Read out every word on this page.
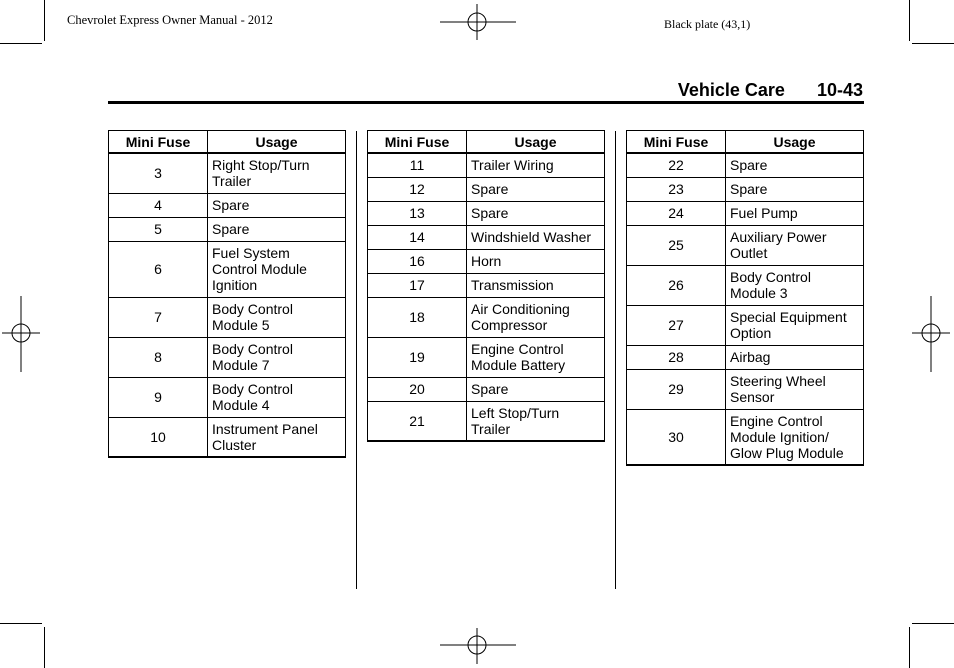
Chevrolet Express Owner Manual - 2012	Black plate (43,1)
Vehicle Care 10-43
Mini Fuse	Usage
3	Right Stop/Turn
Trailer
4	Spare
5	Spare
6	Fuel System
Control Module
Ignition
7	Body Control
Module 5
8	Body Control
Module 7
9	Body Control
Module 4
10	Instrument Panel
Cluster
Mini Fuse	Usage
11	Trailer Wiring
12	Spare
13	Spare
14	Windshield Washer
16	Horn
17	Transmission
18	Air Conditioning
Compressor
19	Engine Control
Module Battery
20	Spare
21	Left Stop/Turn
Trailer
Mini Fuse	Usage
22	Spare
23	Spare
24	Fuel Pump
25	Auxiliary Power
Outlet
26	Body Control
Module 3
27	Special Equipment
Option
28	Airbag
29	Steering Wheel
Sensor
30	Engine Control
Module Ignition/
Glow Plug Module
